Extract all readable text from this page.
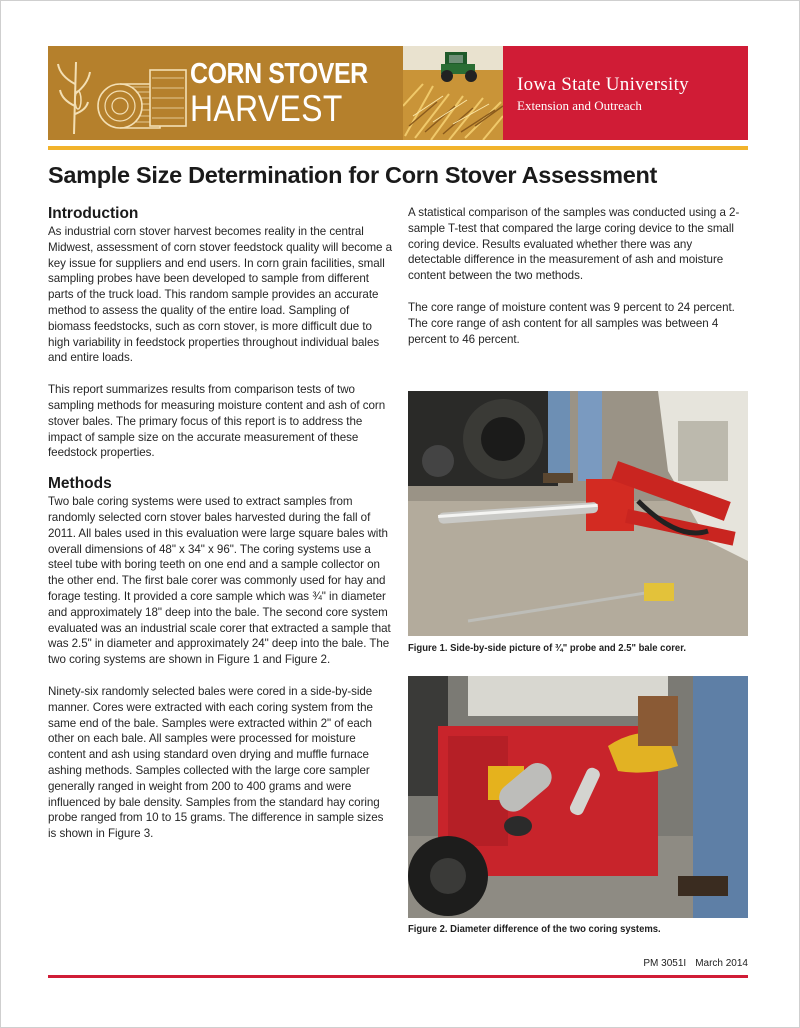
CORN STOVER
HARVEST
Iowa State University
Extension and Outreach
Sample Size Determination for Corn Stover Assessment
Introduction

As industrial corn stover harvest becomes reality in the central Midwest, assessment of corn stover feedstock quality will become a key issue for suppliers and end users. In corn grain facilities, small sampling probes have been developed to sample from different parts of the truck load. This random sample provides an accurate method to assess the quality of the entire load. Sampling of biomass feedstocks, such as corn stover, is more difficult due to high variability in feedstock properties throughout individual bales and entire loads.

This report summarizes results from comparison tests of two sampling methods for measuring moisture content and ash of corn stover bales. The primary focus of this report is to address the impact of sample size on the accurate measurement of these feedstock properties.

Methods

Two bale coring systems were used to extract samples from randomly selected corn stover bales harvested during the fall of 2011. All bales used in this evaluation were large square bales with overall dimensions of 48" x 34" x 96". The coring systems use a steel tube with boring teeth on one end and a sample collector on the other end. The first bale corer was commonly used for hay and forage testing. It provided a core sample which was ¾" in diameter and approximately 18" deep into the bale. The second core system evaluated was an industrial scale corer that extracted a sample that was 2.5" in diameter and approximately 24" deep into the bale. The two coring systems are shown in Figure 1 and Figure 2.

Ninety-six randomly selected bales were cored in a side-by-side manner. Cores were extracted with each coring system from the same end of the bale. Samples were extracted within 2" of each other on each bale. All samples were processed for moisture content and ash using standard oven drying and muffle furnace ashing methods. Samples collected with the large core sampler generally ranged in weight from 200 to 400 grams and were influenced by bale density. Samples from the standard hay coring probe ranged from 10 to 15 grams. The difference in sample sizes is shown in Figure 3.

A statistical comparison of the samples was conducted using a 2-sample T-test that compared the large coring device to the small coring device. Results evaluated whether there was any detectable difference in the measurement of ash and moisture content between the two methods.

The core range of moisture content was 9 percent to 24 percent. The core range of ash content for all samples was between 4 percent to 46 percent.

Figure 1. Side-by-side picture of ¾" probe and 2.5" bale corer.
Figure 2. Diameter difference of the two coring systems.
PM 3051I March 2014
